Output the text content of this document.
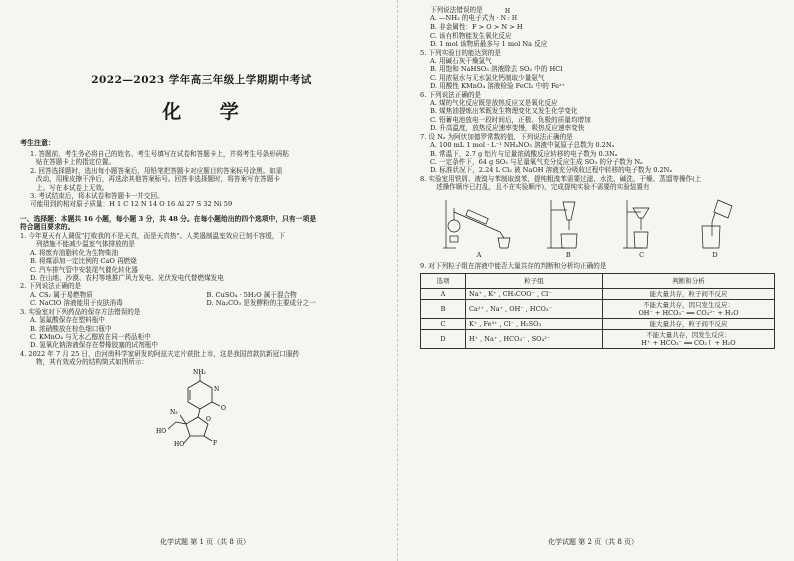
2022—2023 学年高三年级上学期期中考试
化 学
考生注意：
1. 答题前，考生务必将自己的姓名、考生号填写在试卷和答题卡上，并将考生号条形码粘
贴在答题卡上的指定位置。
2. 回答选择题时，选出每小题答案后，用铅笔把答题卡对应题目的答案标号涂黑。如需
改动，用橡皮擦干净后，再选涂其他答案标号。回答非选择题时，将答案写在答题卡
上。写在本试卷上无效。
3. 考试结束后，将本试卷和答题卡一并交回。
可能用到的相对原子质量：H 1 C 12 N 14 O 16 Al 27 S 32 Ni 59
一、选择题：本题共 16 小题，每小题 3 分，共 48 分。在每小题给出的四个选项中，只有一项是
符合题目要求的。
1. 今年夏天有人调侃"打败我的不是天真，而是天真热"。人类遏制温室效应已刻不容缓，下
列措施不能减少温室气体排放的是
A. 将废弃油脂转化为生物柴油
B. 将煤添加一定比例的 CaO 再燃烧
C. 汽车排气管中安装尾气催化转化器
D. 在山地、沙漠、农村等地推广风力发电、光伏发电代替燃煤发电
2. 下列说法正确的是
A. CS₂ 属于易燃物质	B. CuSO₄ · 5H₂O 属于混合物
C. NaClO 溶液能用于皮肤消毒	D. Na₂CO₃ 是发酵粉的主要成分之一
3. 实验室对下列药品的保存方法错误的是
A. 氢氟酸保存在塑料瓶中
B. 浓硝酸放在棕色细口瓶中
C. KMnO₄ 与无水乙醇放在同一药品柜中
D. 氢氧化钠溶液保存在带橡胶塞的试剂瓶中
4. 2022 年 7 月 25 日，由河南科学家研发的阿兹夫定片获批上市，这是我国首款抗新冠口服药
物，其有效成分的结构简式如图所示：
NH₂
N
O
O
N₃
F
HO
HO
化学试题 第 1 页（共 8 页）
下列说法错误的是
A. —NH₂ 的电子式为
H
· N : H
B. 非金属性：F > O > N > H
C. 该有机物能发生氧化反应
D. 1 mol 该物质最多与 1 mol Na 反应
5. 下列实验目的能达到的是
A. 用碱石灰干燥氯气
B. 用饱和 NaHSO₃ 溶液除去 SO₂ 中的 HCl
C. 用浓氨水与无水氯化钙制取少量氨气
D. 用酸性 KMnO₄ 溶液检验 FeCl₂ 中的 Fe²⁺
6. 下列说法正确的是
A. 煤的气化反应既是放热反应又是氧化反应
B. 煤焦油提炼出苯既发生物理变化又发生化学变化
C. 铅蓄电池放电一段时间后，正极、负极的质量均增加
D. 升高温度，放热反应速率变慢，吸热反应速率变快
7. 设 Nₐ 为阿伏加德罗常数的值，下列说法正确的是
A. 100 mL 1 mol · L⁻¹ NH₄NO₃ 溶液中氮原子总数为 0.2Nₐ
B. 常温下，2.7 g 铝片与足量浓硫酸反应转移的电子数为 0.3Nₐ
C. 一定条件下，64 g SO₂ 与足量氧气充分反应生成 SO₃ 的分子数为 Nₐ
D. 标准状况下，2.24 L Cl₂ 被 NaOH 溶液充分吸收过程中转移的电子数为 0.2Nₐ
8. 实验室用铁屑、液溴与苯制取溴苯，提纯粗溴苯需要过滤、水洗、碱洗、干燥、蒸馏等操作(上
述操作顺序已打乱，且不在实验顺序)，完成提纯实验不需要的实验装置有
A	B	C	D
9. 对下列粒子组在溶液中能否大量共存的判断和分析均正确的是
选项	粒子组	判断和分析
A	Na⁺ , K⁺ , CH₃COO⁻ , Cl⁻	能大量共存，粒子间不反应

B	Ca²⁺ , Na⁺ , OH⁻ , HCO₃⁻	不能大量共存，因只发生反应：
OH⁻ + HCO₃⁻ ══ CO₃²⁻ + H₂O

C	K⁺ , Fe³⁺ , Cl⁻ , H₂SO₃	能大量共存，粒子间不反应

D	H⁺ , Na⁺ , HCO₃⁻ , SO₄²⁻	不能大量共存，因发生反应：
H⁺ + HCO₃⁻ ══ CO₂↑ + H₂O
化学试题 第 2 页（共 8 页）
